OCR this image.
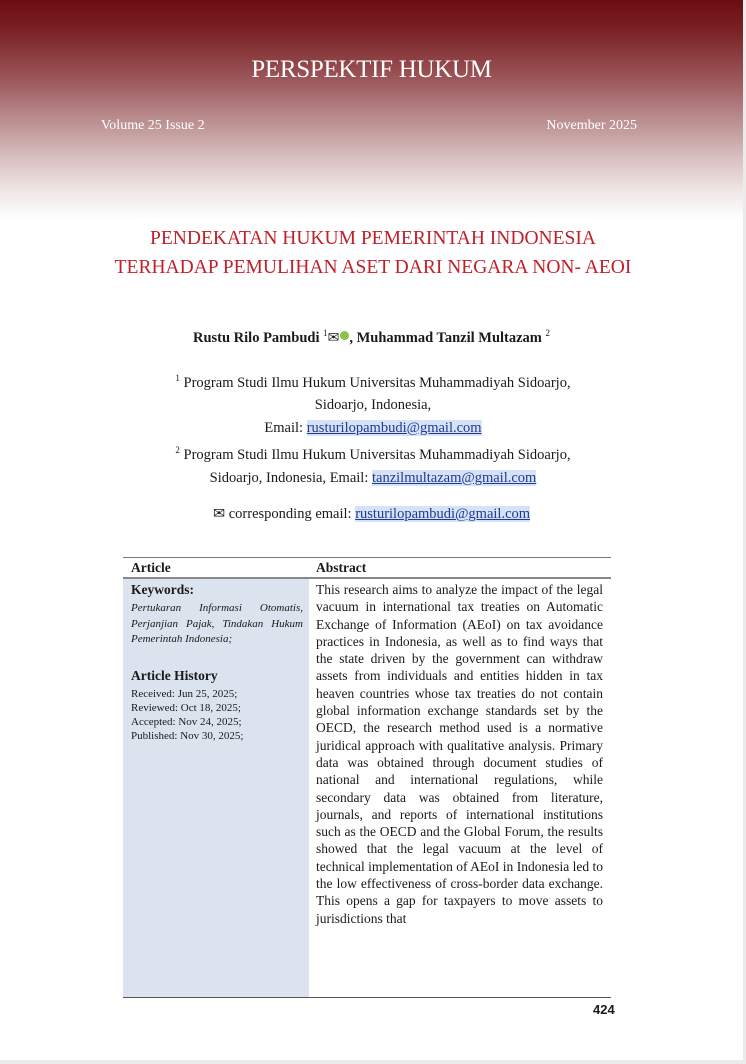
PERSPEKTIF HUKUM
Volume 25 Issue 2	November 2025
PENDEKATAN HUKUM PEMERINTAH INDONESIA TERHADAP PEMULIHAN ASET DARI NEGARA NON- AEOI
Rustu Rilo Pambudi $^1$✉ , Muhammad Tanzil Multazam $^2$
$^1$ Program Studi Ilmu Hukum Universitas Muhammadiyah Sidoarjo,
Sidoarjo, Indonesia,
Email: rusturilopambudi@gmail.com
$^2$ Program Studi Ilmu Hukum Universitas Muhammadiyah Sidoarjo,
Sidoarjo, Indonesia, Email: tanzilmultazam@gmail.com
✉ corresponding email: rusturilopambudi@gmail.com
Article	Abstract
Keywords:
Pertukaran Informasi Otomatis, Perjanjian Pajak, Tindakan Hukum Pemerintah Indonesia;
Article History
Received: Jun 25, 2025;
Reviewed: Oct 18, 2025;
Accepted: Nov 24, 2025;
Published: Nov 30, 2025;
This research aims to analyze the impact of the legal vacuum in international tax treaties on Automatic Exchange of Information (AEoI) on tax avoidance practices in Indonesia, as well as to find ways that the state driven by the government can withdraw assets from individuals and entities hidden in tax heaven countries whose tax treaties do not contain global information exchange standards set by the OECD, the research method used is a normative juridical approach with qualitative analysis. Primary data was obtained through document studies of national and international regulations, while secondary data was obtained from literature, journals, and reports of international institutions such as the OECD and the Global Forum, the results showed that the legal vacuum at the level of technical implementation of AEoI in Indonesia led to the low effectiveness of cross-border data exchange. This opens a gap for taxpayers to move assets to jurisdictions that
424
